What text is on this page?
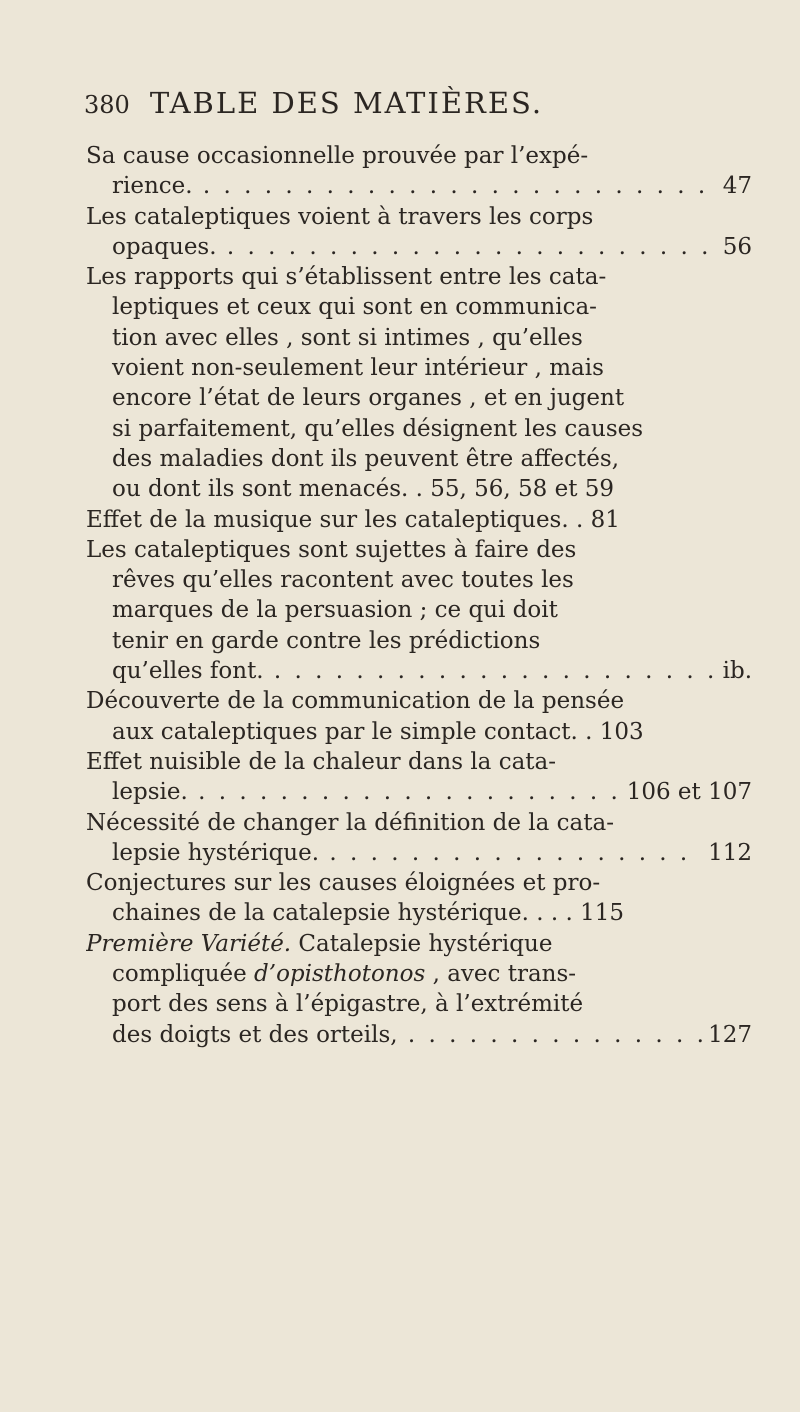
380 TABLE DES MATIÈRES.
Sa cause occasionnelle prouvée par l’expé-
rience. . . .	47
Les cataleptiques voient à travers les corps
opaques. . . .	56
Les rapports qui s’établissent entre les cata-
leptiques et ceux qui sont en communica-
tion avec elles , sont si intimes , qu’elles
voient non-seulement leur intérieur , mais
encore l’état de leurs organes , et en jugent
si parfaitement, qu’elles désignent les causes
des maladies dont ils peuvent être affectés,
ou dont ils sont menacés. . 55, 56, 58 et 59
Effet de la musique sur les cataleptiques. . 81
Les cataleptiques sont sujettes à faire des
rêves qu’elles racontent avec toutes les
marques de la persuasion ; ce qui doit
tenir en garde contre les prédictions
qu’elles font. . . .	ib.
Découverte de la communication de la pensée
aux cataleptiques par le simple contact. . 103
Effet nuisible de la chaleur dans la cata-
lepsie. . . .	106 et 107
Nécessité de changer la définition de la cata-
lepsie hystérique. . . .	112
Conjectures sur les causes éloignées et pro-
chaines de la catalepsie hystérique. . . . 115
Première Variété. Catalepsie hystérique
compliquée d’opisthotonos , avec trans-
port des sens à l’épigastre, à l’extrémité
des doigts et des orteils, . . .	127
